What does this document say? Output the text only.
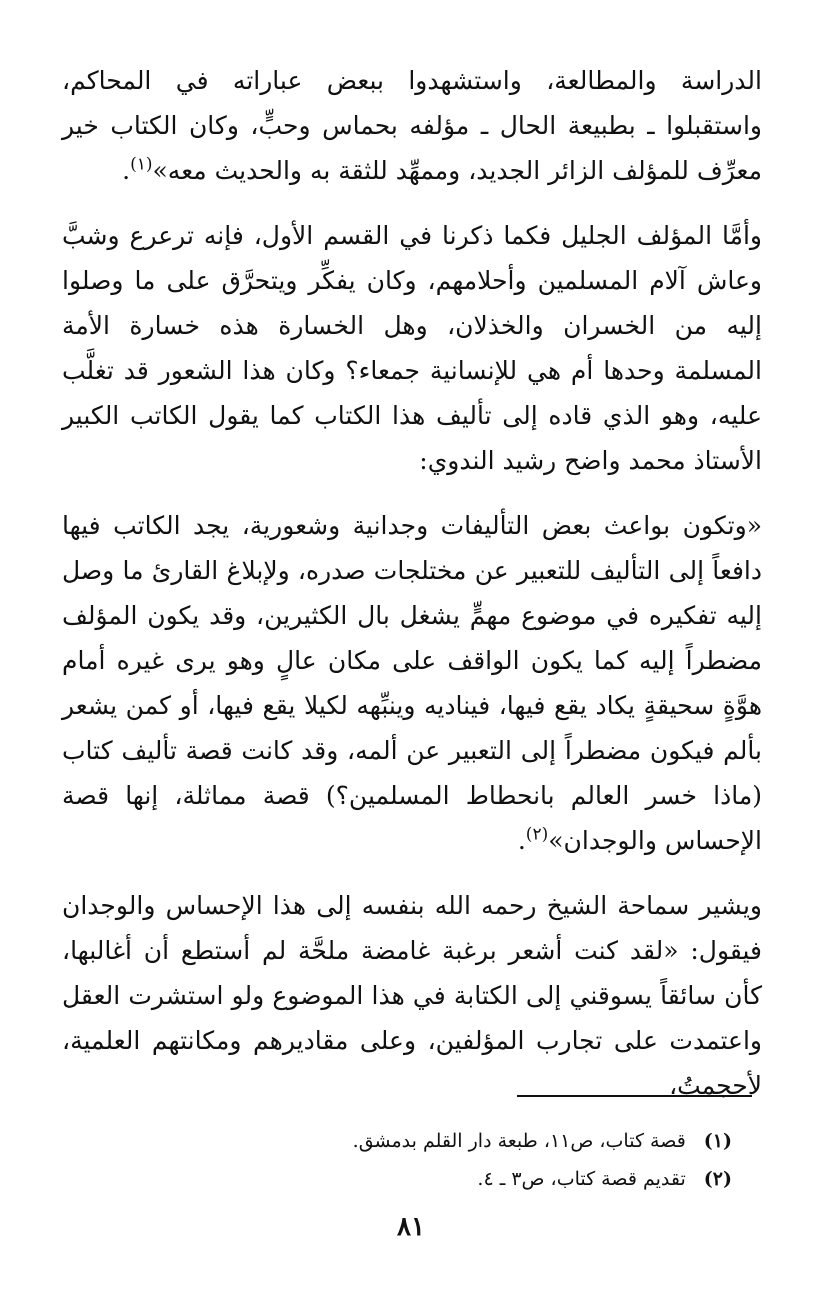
الدراسة والمطالعة، واستشهدوا ببعض عباراته في المحاكم، واستقبلوا ـ بطبيعة الحال ـ مؤلفه بحماس وحبٍّ، وكان الكتاب خير معرِّف للمؤلف الزائر الجديد، وممهِّد للثقة به والحديث معه»$^{(١)}$.

وأمَّا المؤلف الجليل فكما ذكرنا في القسم الأول، فإنه ترعرع وشبَّ وعاش آلام المسلمين وأحلامهم، وكان يفكِّر ويتحرَّق على ما وصلوا إليه من الخسران والخذلان، وهل الخسارة هذه خسارة الأمة المسلمة وحدها أم هي للإنسانية جمعاء؟ وكان هذا الشعور قد تغلَّب عليه، وهو الذي قاده إلى تأليف هذا الكتاب كما يقول الكاتب الكبير الأستاذ محمد واضح رشيد الندوي:

«وتكون بواعث بعض التأليفات وجدانية وشعورية، يجد الكاتب فيها دافعاً إلى التأليف للتعبير عن مختلجات صدره، ولإبلاغ القارئ ما وصل إليه تفكيره في موضوع مهمٍّ يشغل بال الكثيرين، وقد يكون المؤلف مضطراً إليه كما يكون الواقف على مكان عالٍ وهو يرى غيره أمام هوَّةٍ سحيقةٍ يكاد يقع فيها، فيناديه وينبِّهه لكيلا يقع فيها، أو كمن يشعر بألم فيكون مضطراً إلى التعبير عن ألمه، وقد كانت قصة تأليف كتاب (ماذا خسر العالم بانحطاط المسلمين؟) قصة مماثلة، إنها قصة الإحساس والوجدان»$^{(٢)}$.

ويشير سماحة الشيخ رحمه الله بنفسه إلى هذا الإحساس والوجدان فيقول: «لقد كنت أشعر برغبة غامضة ملحَّة لم أستطع أن أغالبها، كأن سائقاً يسوقني إلى الكتابة في هذا الموضوع ولو استشرت العقل واعتمدت على تجارب المؤلفين، وعلى مقاديرهم ومكانتهم العلمية، لأحجمتُ،

(١)
قصة كتاب، ص١١، طبعة دار القلم بدمشق.
(٢)
تقديم قصة كتاب، ص٣ ـ ٤.
٨١
